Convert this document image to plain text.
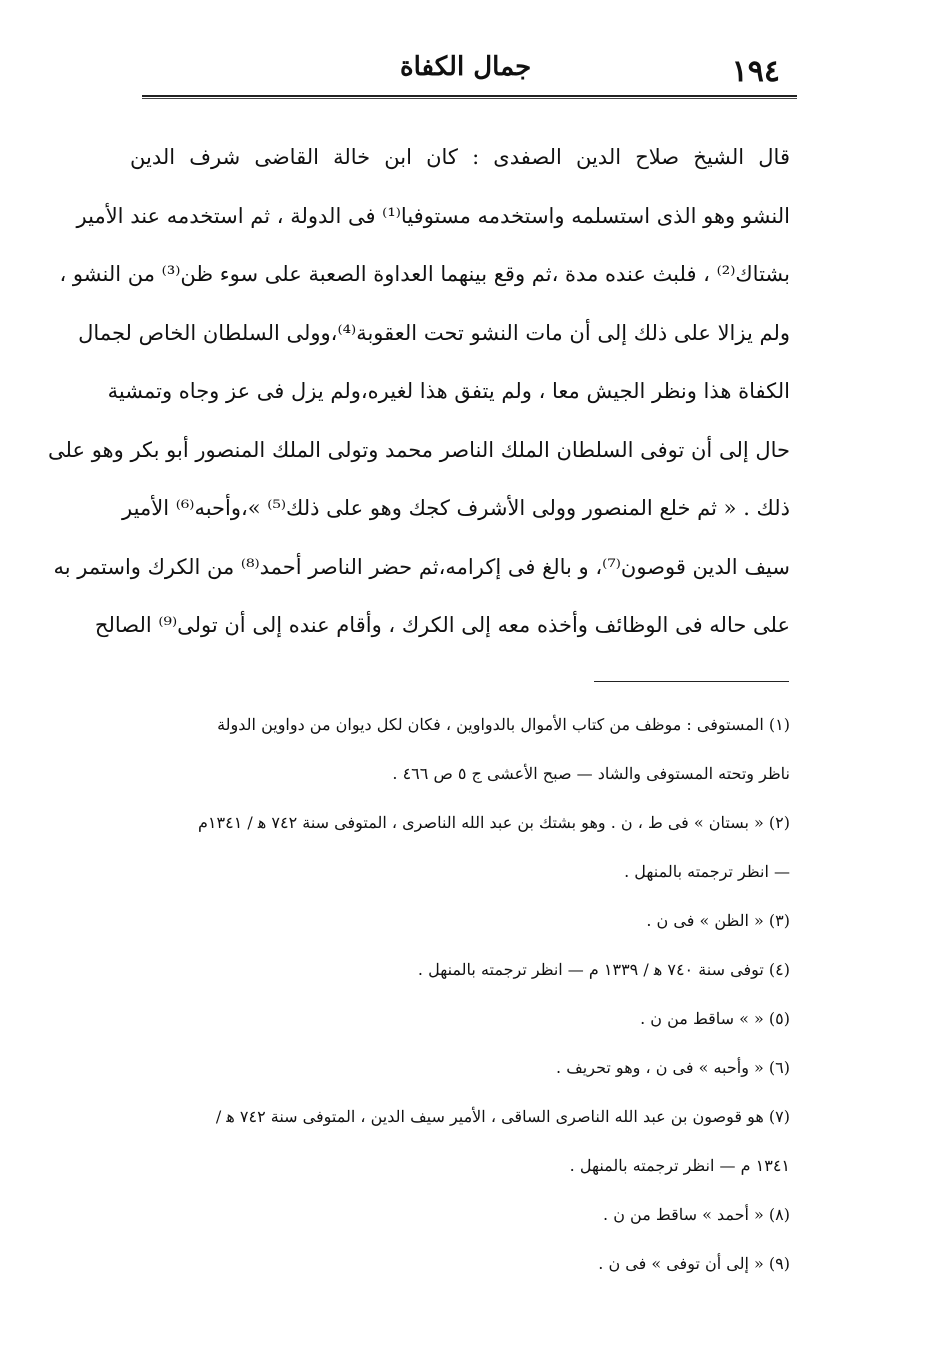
١٩٤
جمال الكفاة
قال الشيخ صلاح الدين الصفدى : كان ابن خالة القاضى شرف الدين
النشو وهو الذى استسلمه واستخدمه مستوفيا⁽¹⁾ فى الدولة ، ثم استخدمه عند الأمير
بشتاك⁽²⁾ ، فلبث عنده مدة ،ثم وقع بينهما العداوة الصعبة على سوء ظن⁽³⁾ من النشو ،
ولم يزالا على ذلك إلى أن مات النشو تحت العقوبة⁽⁴⁾،وولى السلطان الخاص لجمال
الكفاة هذا ونظر الجيش معا ، ولم يتفق هذا لغيره،ولم يزل فى عز وجاه وتمشية
حال إلى أن توفى السلطان الملك الناصر محمد وتولى الملك المنصور أبو بكر وهو على
ذلك . « ثم خلع المنصور وولى الأشرف كجك وهو على ذلك⁽⁵⁾ »،وأحبه⁽⁶⁾ الأمير
سيف الدين قوصون⁽⁷⁾، و بالغ فى إكرامه،ثم حضر الناصر أحمد⁽⁸⁾ من الكرك واستمر به
على حاله فى الوظائف وأخذه معه إلى الكرك ، وأقام عنده إلى أن تولى⁽⁹⁾ الصالح
(١) المستوفى : موظف من كتاب الأموال بالدواوين ، فكان لكل ديوان من دواوين الدولة
ناظر وتحته المستوفى والشاد — صبح الأعشى ج ٥ ص ٤٦٦ .
(٢) « بستان » فى ط ، ن . وهو بشتك بن عبد الله الناصرى ، المتوفى سنة ٧٤٢ ﻫ / ١٣٤١م
— انظر ترجمته بالمنهل .
(٣) « الظن » فى ن .
(٤) توفى سنة ٧٤٠ ﻫ / ١٣٣٩ م — انظر ترجمته بالمنهل .
(٥) « » ساقط من ن .
(٦) « وأحبه » فى ن ، وهو تحريف .
(٧) هو قوصون بن عبد الله الناصرى الساقى ، الأمير سيف الدين ، المتوفى سنة ٧٤٢ ﻫ /
١٣٤١ م — انظر ترجمته بالمنهل .
(٨) « أحمد » ساقط من ن .
(٩) « إلى أن توفى » فى ن .
